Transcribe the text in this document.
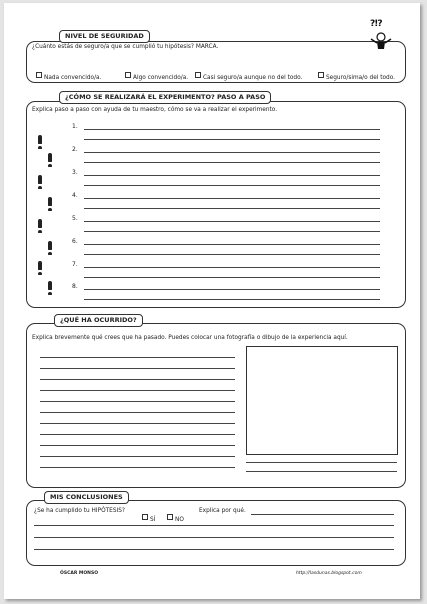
NIVEL DE SEGURIDAD
¿Cuánto estás de seguro/a que se cumplió tu hipótesis? MARCA.
Nada convencido/a.	Algo convencido/a.	Casi seguro/a aunque no del todo.	Seguro/sima/o del todo.
?!?
¿CÓMO SE REALIZARÁ EL EXPERIMENTO? PASO A PASO
Explica paso a paso con ayuda de tu maestro, cómo se va a realizar el experimento.
1.
2.
3.
4.
5.
6.
7.
8.
¿QUÉ HA OCURRIDO?
Explica brevemente qué crees que ha pasado. Puedes colocar una fotografía o dibujo de la experiencia aquí.
MIS CONCLUSIONES
¿Se ha cumplido tu HIPÓTESIS?
SÍ	NO
Explica por qué.
ÓSCAR MONSO	http://lasdunas.blogspot.com
